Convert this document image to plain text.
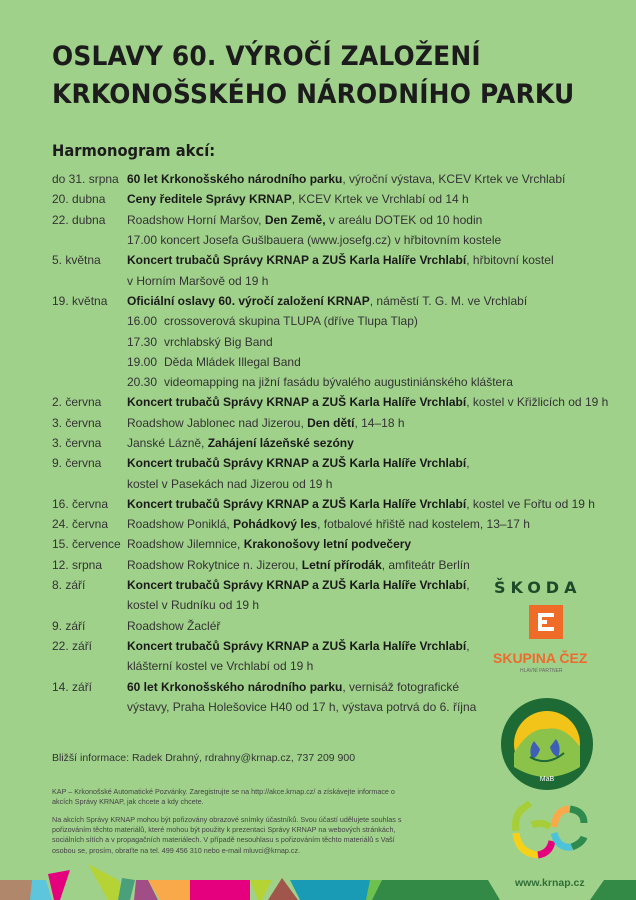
OSLAVY 60. VÝROČÍ ZALOŽENÍ
KRKONOŠSKÉHO NÁRODNÍHO PARKU
Harmonogram akcí:
do 31. srpna 60 let Krkonošského národního parku, výroční výstava, KCEV Krtek ve Vrchlabí
20. dubna	Ceny ředitele Správy KRNAP, KCEV Krtek ve Vrchlabí od 14 h
22. dubna	Roadshow Horní Maršov, Den Země, v areálu DOTEK od 10 hodin
17.00 koncert Josefa Gušlbauera (www.josefg.cz) v hřbitovním kostele
5. května	Koncert trubačů Správy KRNAP a ZUŠ Karla Halíře Vrchlabí, hřbitovní kostel
v Horním Maršově od 19 h
19. května	Oficiální oslavy 60. výročí založení KRNAP, náměstí T. G. M. ve Vrchlabí
16.00 crossoverová skupina TLUPA (dříve Tlupa Tlap)
17.30 vrchlabský Big Band
19.00 Děda Mládek Illegal Band
20.30 videomapping na jižní fasádu bývalého augustiniánského kláštera
2. června	Koncert trubačů Správy KRNAP a ZUŠ Karla Halíře Vrchlabí, kostel v Křižlicích od 19 h
3. června	Roadshow Jablonec nad Jizerou, Den dětí, 14–18 h
3. června	Janské Lázně, Zahájení lázeňské sezóny
9. června	Koncert trubačů Správy KRNAP a ZUŠ Karla Halíře Vrchlabí,
kostel v Pasekách nad Jizerou od 19 h
16. června	Koncert trubačů Správy KRNAP a ZUŠ Karla Halíře Vrchlabí, kostel ve Fořtu od 19 h
24. června	Roadshow Poniklá, Pohádkový les, fotbalové hřiště nad kostelem, 13–17 h
15. července Roadshow Jilemnice, Krakonošovy letní podvečery
12. srpna	Roadshow Rokytnice n. Jizerou, Letní přírodák, amfiteátr Berlín
8. září	Koncert trubačů Správy KRNAP a ZUŠ Karla Halíře Vrchlabí,
kostel v Rudníku od 19 h
9. září	Roadshow Žacléř
22. září	Koncert trubačů Správy KRNAP a ZUŠ Karla Halíře Vrchlabí,
klášterní kostel ve Vrchlabí od 19 h
14. září	60 let Krkonošského národního parku, vernisáž fotografické
výstavy, Praha Holešovice H40 od 17 h, výstava potrvá do 6. října
Bližší informace: Radek Drahný, rdrahny@krnap.cz, 737 209 900
KAP – Krkonošské Automatické Pozvánky. Zaregistrujte se na http://akce.krnap.cz/ a získávejte informace o akcích Správy KRNAP, jak chcete a kdy chcete.
Na akcích Správy KRNAP mohou být pořizovány obrazové snímky účastníků. Svou účastí udělujete souhlas s pořizováním těchto materiálů, které mohou být použity k prezentaci Správy KRNAP na webových stránkách, sociálních sítích a v propagačních materiálech. V případě nesouhlasu s pořizováním těchto materiálů s Vaší osobou se, prosím, obraťte na tel. 499 456 310 nebo e-mail mluvci@krnap.cz.
ŠKODA
SKUPINA ČEZ
HLAVNÍ PARTNER
MaB
www.krnap.cz
